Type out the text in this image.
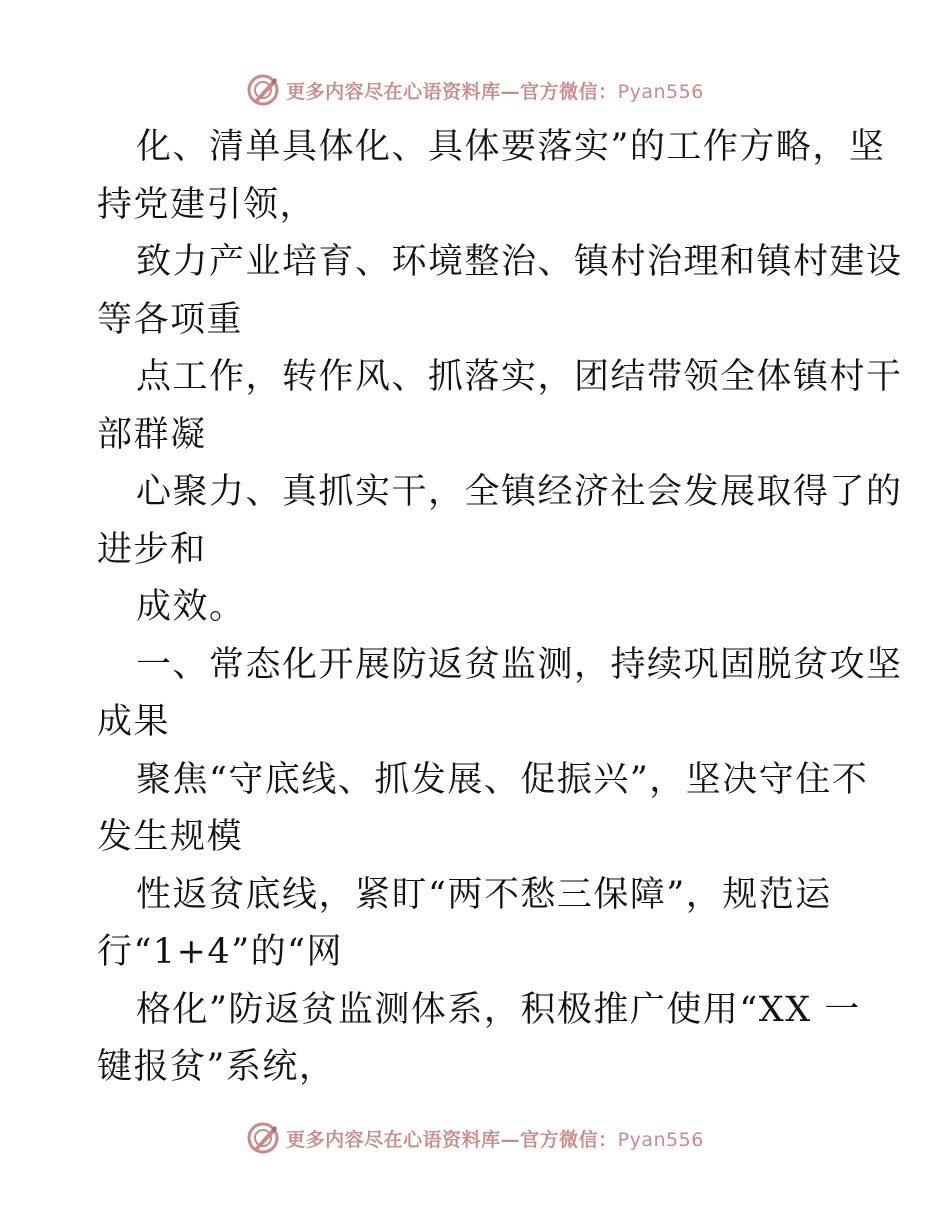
更多内容尽在心语资料库—官方微信：Pyan556
化、清单具体化、具体要落实”的工作方略，坚
持党建引领，
致力产业培育、环境整治、镇村治理和镇村建设
等各项重
点工作，转作风、抓落实，团结带领全体镇村干
部群凝
心聚力、真抓实干，全镇经济社会发展取得了的
进步和
成效。
一、常态化开展防返贫监测，持续巩固脱贫攻坚
成果
聚焦“守底线、抓发展、促振兴”，坚决守住不
发生规模
性返贫底线，紧盯“两不愁三保障”，规范运
行“1+4”的“网
格化”防返贫监测体系，积极推广使用“XX 一
键报贫”系统，
更多内容尽在心语资料库—官方微信：Pyan556
